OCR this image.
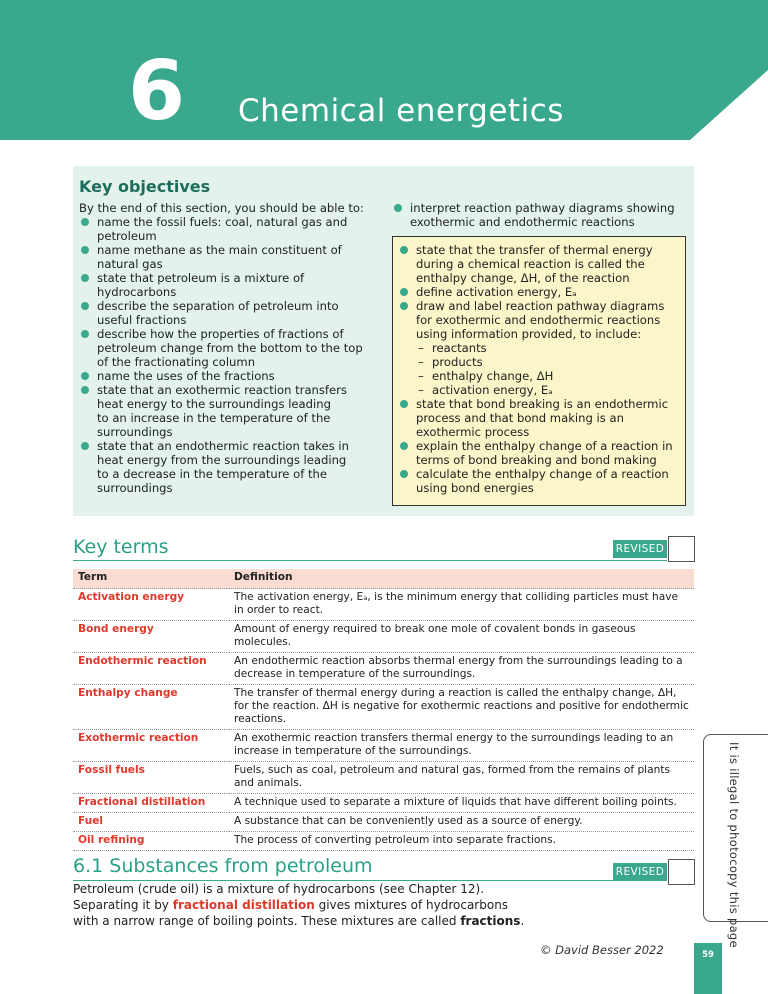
6 Chemical energetics
Key objectives
By the end of this section, you should be able to:
name the fossil fuels: coal, natural gas and
petroleum
name methane as the main constituent of
natural gas
state that petroleum is a mixture of
hydrocarbons
describe the separation of petroleum into
useful fractions
describe how the properties of fractions of
petroleum change from the bottom to the top
of the fractionating column
name the uses of the fractions
state that an exothermic reaction transfers
heat energy to the surroundings leading
to an increase in the temperature of the
surroundings
state that an endothermic reaction takes in
heat energy from the surroundings leading
to a decrease in the temperature of the
surroundings
interpret reaction pathway diagrams showing
exothermic and endothermic reactions
state that the transfer of thermal energy
during a chemical reaction is called the
enthalpy change, ΔH, of the reaction
define activation energy, Eₐ
draw and label reaction pathway diagrams
for exothermic and endothermic reactions
using information provided, to include:
– reactants
– products
– enthalpy change, ΔH
– activation energy, Eₐ
state that bond breaking is an endothermic
process and that bond making is an
exothermic process
explain the enthalpy change of a reaction in
terms of bond breaking and bond making
calculate the enthalpy change of a reaction
using bond energies
Key terms	REVISED
Term	Definition
Activation energy	The activation energy, Eₐ, is the minimum energy that colliding particles must have in order to react.
Bond energy	Amount of energy required to break one mole of covalent bonds in gaseous molecules.
Endothermic reaction	An endothermic reaction absorbs thermal energy from the surroundings leading to a decrease in temperature of the surroundings.
Enthalpy change	The transfer of thermal energy during a reaction is called the enthalpy change, ΔH, for the reaction. ΔH is negative for exothermic reactions and positive for endothermic reactions.
Exothermic reaction	An exothermic reaction transfers thermal energy to the surroundings leading to an increase in temperature of the surroundings.
Fossil fuels	Fuels, such as coal, petroleum and natural gas, formed from the remains of plants and animals.
Fractional distillation	A technique used to separate a mixture of liquids that have different boiling points.
Fuel	A substance that can be conveniently used as a source of energy.
Oil refining	The process of converting petroleum into separate fractions.
6.1 Substances from petroleum	REVISED
Petroleum (crude oil) is a mixture of hydrocarbons (see Chapter 12).
Separating it by fractional distillation gives mixtures of hydrocarbons
with a narrow range of boiling points. These mixtures are called fractions.
© David Besser 2022	59
It is illegal to photocopy this page
